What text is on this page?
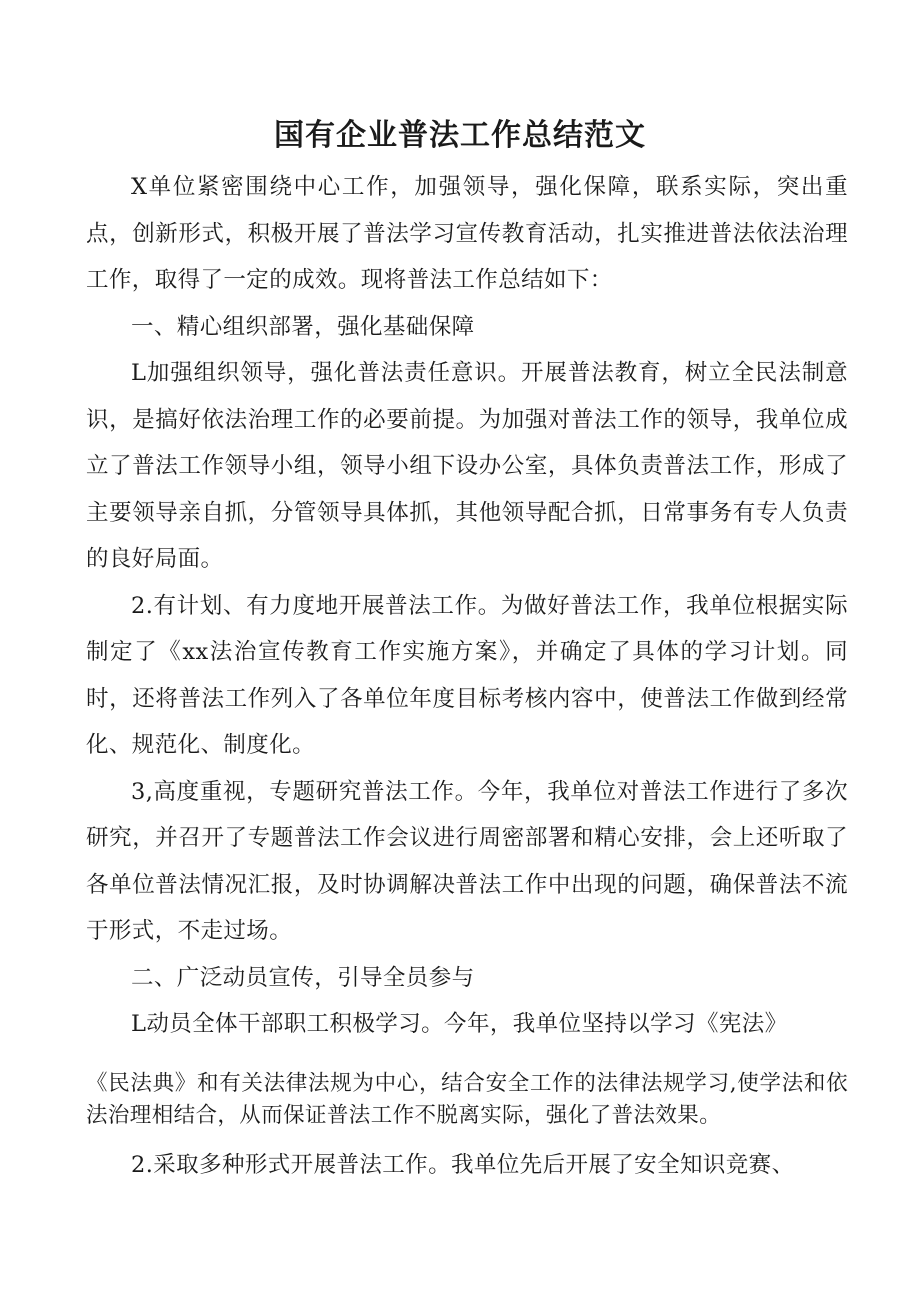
国有企业普法工作总结范文

X单位紧密围绕中心工作，加强领导，强化保障，联系实际，突出重点，创新形式，积极开展了普法学习宣传教育活动，扎实推进普法依法治理工作，取得了一定的成效。现将普法工作总结如下：

一、精心组织部署，强化基础保障

L加强组织领导，强化普法责任意识。开展普法教育，树立全民法制意识，是搞好依法治理工作的必要前提。为加强对普法工作的领导，我单位成立了普法工作领导小组，领导小组下设办公室，具体负责普法工作，形成了主要领导亲自抓，分管领导具体抓，其他领导配合抓，日常事务有专人负责的良好局面。

2.有计划、有力度地开展普法工作。为做好普法工作，我单位根据实际制定了《xx法治宣传教育工作实施方案》，并确定了具体的学习计划。同时，还将普法工作列入了各单位年度目标考核内容中，使普法工作做到经常化、规范化、制度化。

3,高度重视，专题研究普法工作。今年，我单位对普法工作进行了多次研究，并召开了专题普法工作会议进行周密部署和精心安排，会上还听取了各单位普法情况汇报，及时协调解决普法工作中出现的问题，确保普法不流于形式，不走过场。

二、广泛动员宣传，引导全员参与

L动员全体干部职工积极学习。今年，我单位坚持以学习《宪法》

《民法典》和有关法律法规为中心，结合安全工作的法律法规学习,使学法和依法治理相结合，从而保证普法工作不脱离实际，强化了普法效果。

2.采取多种形式开展普法工作。我单位先后开展了安全知识竞赛、
